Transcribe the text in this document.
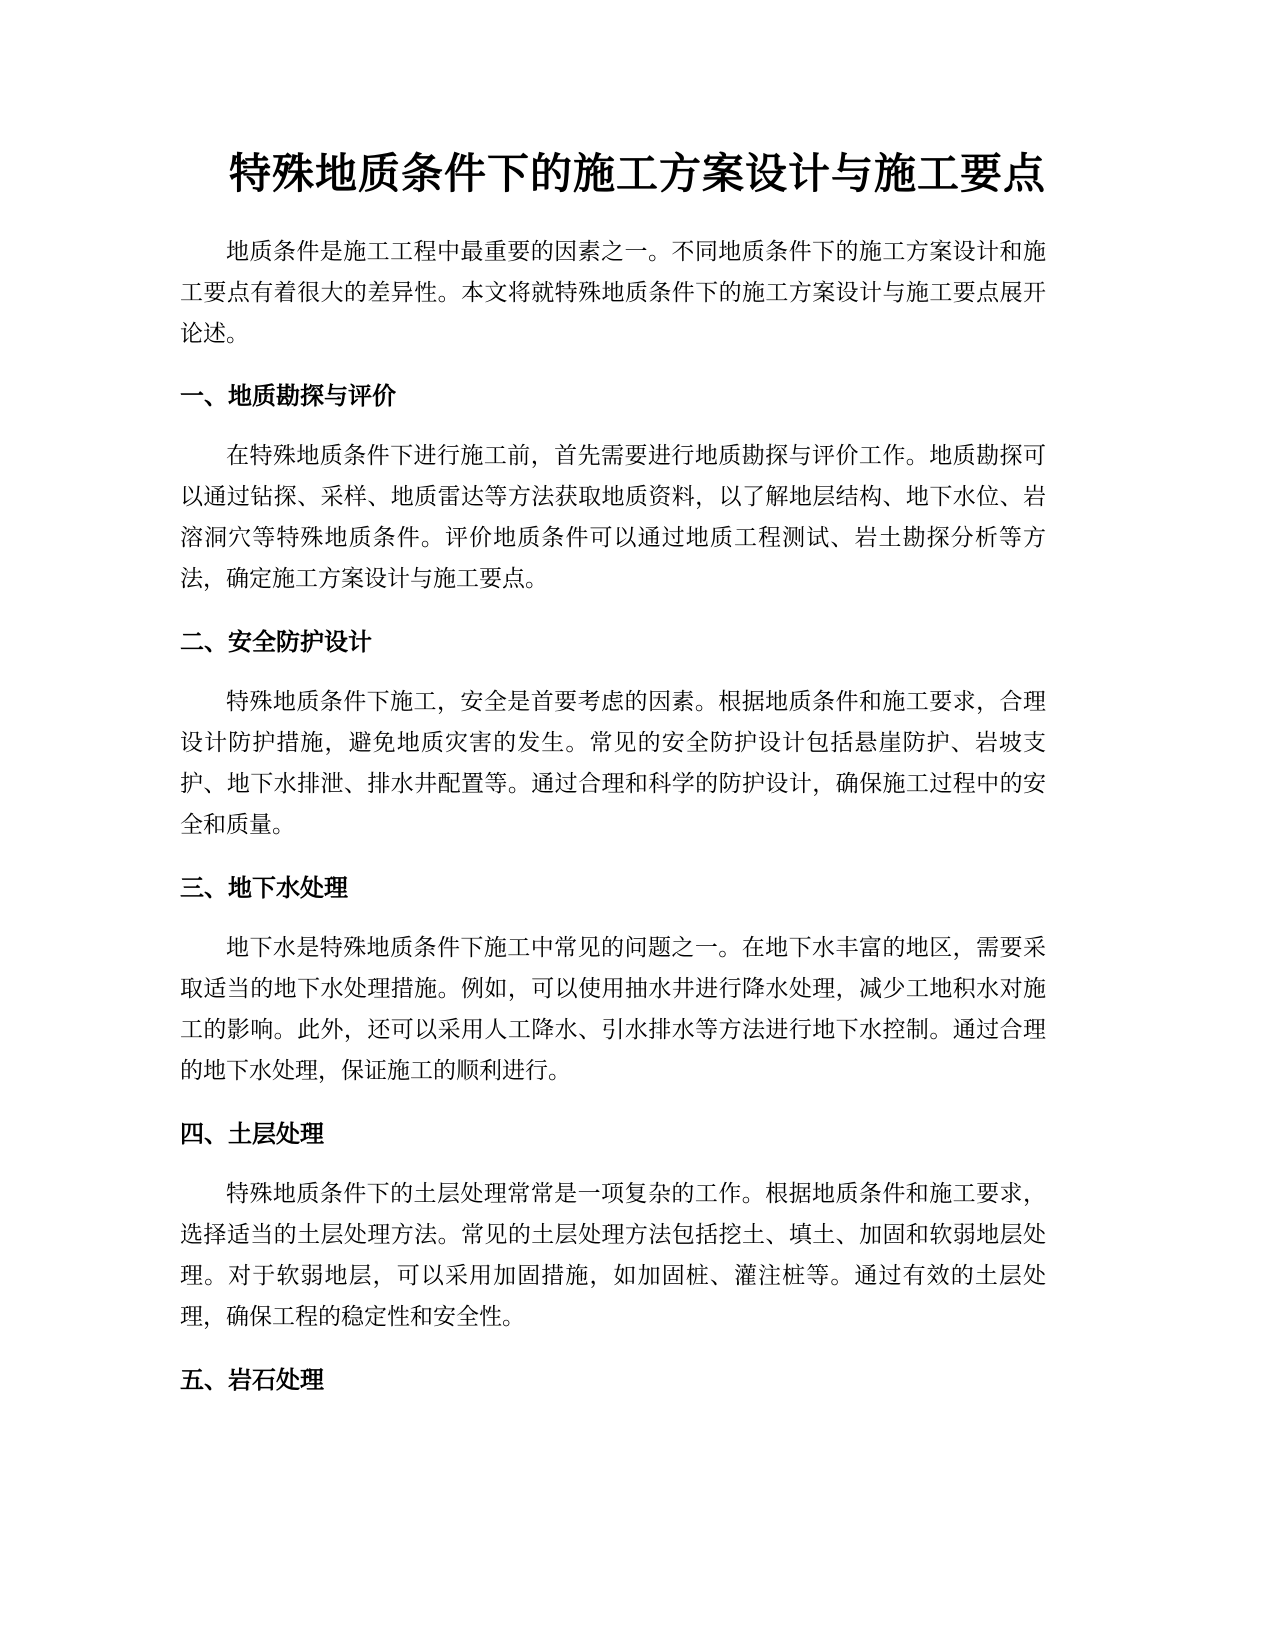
特殊地质条件下的施工方案设计与施工要点

地质条件是施工工程中最重要的因素之一。不同地质条件下的施工方案设计和施工要点有着很大的差异性。本文将就特殊地质条件下的施工方案设计与施工要点展开论述。

一、地质勘探与评价

在特殊地质条件下进行施工前，首先需要进行地质勘探与评价工作。地质勘探可以通过钻探、采样、地质雷达等方法获取地质资料，以了解地层结构、地下水位、岩溶洞穴等特殊地质条件。评价地质条件可以通过地质工程测试、岩土勘探分析等方法，确定施工方案设计与施工要点。

二、安全防护设计

特殊地质条件下施工，安全是首要考虑的因素。根据地质条件和施工要求，合理设计防护措施，避免地质灾害的发生。常见的安全防护设计包括悬崖防护、岩坡支护、地下水排泄、排水井配置等。通过合理和科学的防护设计，确保施工过程中的安全和质量。

三、地下水处理

地下水是特殊地质条件下施工中常见的问题之一。在地下水丰富的地区，需要采取适当的地下水处理措施。例如，可以使用抽水井进行降水处理，减少工地积水对施工的影响。此外，还可以采用人工降水、引水排水等方法进行地下水控制。通过合理的地下水处理，保证施工的顺利进行。

四、土层处理

特殊地质条件下的土层处理常常是一项复杂的工作。根据地质条件和施工要求，选择适当的土层处理方法。常见的土层处理方法包括挖土、填土、加固和软弱地层处理。对于软弱地层，可以采用加固措施，如加固桩、灌注桩等。通过有效的土层处理，确保工程的稳定性和安全性。

五、岩石处理
